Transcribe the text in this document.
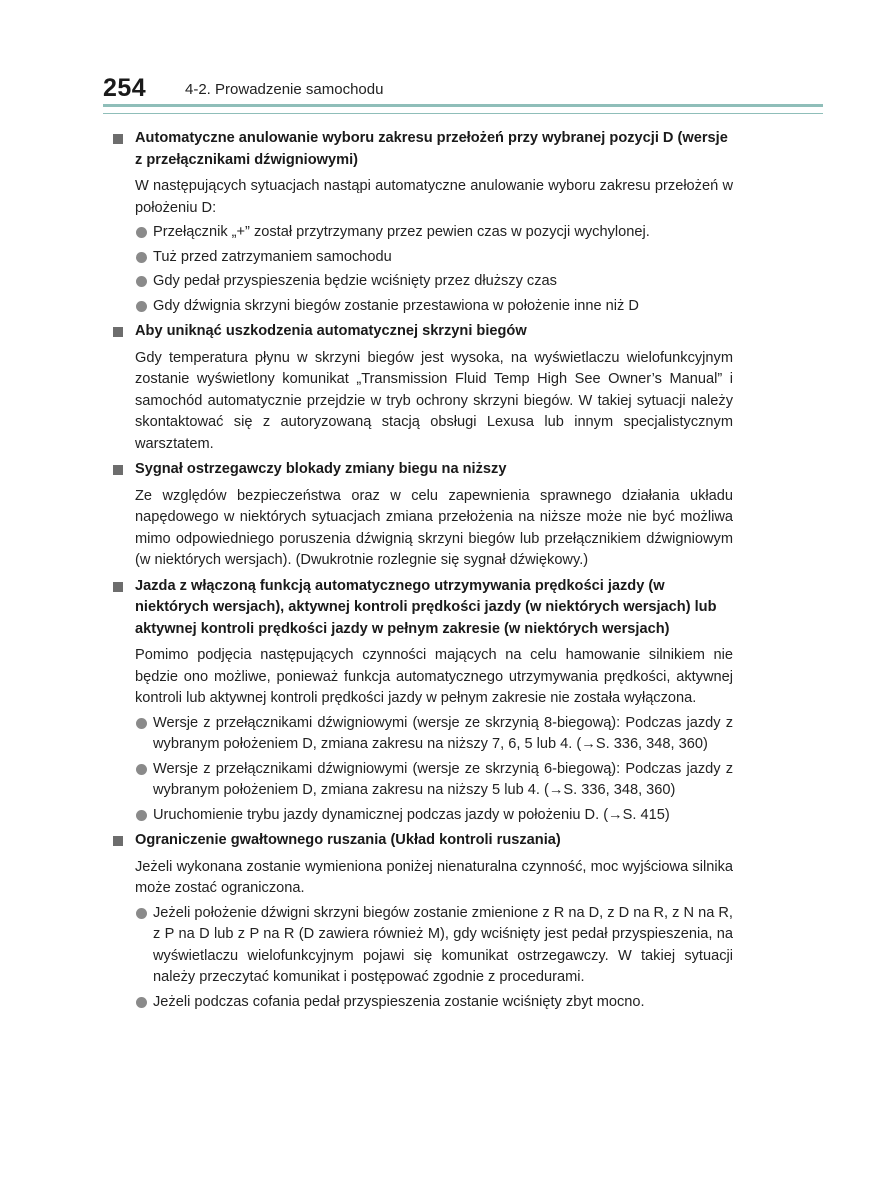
254	4-2. Prowadzenie samochodu

Automatyczne anulowanie wyboru zakresu przełożeń przy wybranej pozycji D (wersje z przełącznikami dźwigniowymi)

W następujących sytuacjach nastąpi automatyczne anulowanie wyboru zakresu przełożeń w położeniu D:

Przełącznik „+” został przytrzymany przez pewien czas w pozycji wychylonej.
Tuż przed zatrzymaniem samochodu
Gdy pedał przyspieszenia będzie wciśnięty przez dłuższy czas
Gdy dźwignia skrzyni biegów zostanie przestawiona w położenie inne niż D

Aby uniknąć uszkodzenia automatycznej skrzyni biegów

Gdy temperatura płynu w skrzyni biegów jest wysoka, na wyświetlaczu wielofunkcyjnym zostanie wyświetlony komunikat „Transmission Fluid Temp High See Owner’s Manual” i samochód automatycznie przejdzie w tryb ochrony skrzyni biegów. W takiej sytuacji należy skontaktować się z autoryzowaną stacją obsługi Lexusa lub innym specjalistycznym warsztatem.

Sygnał ostrzegawczy blokady zmiany biegu na niższy

Ze względów bezpieczeństwa oraz w celu zapewnienia sprawnego działania układu napędowego w niektórych sytuacjach zmiana przełożenia na niższe może nie być możliwa mimo odpowiedniego poruszenia dźwignią skrzyni biegów lub przełącznikiem dźwigniowym (w niektórych wersjach). (Dwukrotnie rozlegnie się sygnał dźwiękowy.)

Jazda z włączoną funkcją automatycznego utrzymywania prędkości jazdy (w niektórych wersjach), aktywnej kontroli prędkości jazdy (w niektórych wersjach) lub aktywnej kontroli prędkości jazdy w pełnym zakresie (w niektórych wersjach)

Pomimo podjęcia następujących czynności mających na celu hamowanie silnikiem nie będzie ono możliwe, ponieważ funkcja automatycznego utrzymywania prędkości, aktywnej kontroli lub aktywnej kontroli prędkości jazdy w pełnym zakresie nie została wyłączona.

Wersje z przełącznikami dźwigniowymi (wersje ze skrzynią 8-biegową): Podczas jazdy z wybranym położeniem D, zmiana zakresu na niższy 7, 6, 5 lub 4. (→S. 336, 348, 360)
Wersje z przełącznikami dźwigniowymi (wersje ze skrzynią 6-biegową): Podczas jazdy z wybranym położeniem D, zmiana zakresu na niższy 5 lub 4. (→S. 336, 348, 360)
Uruchomienie trybu jazdy dynamicznej podczas jazdy w położeniu D. (→S. 415)

Ograniczenie gwałtownego ruszania (Układ kontroli ruszania)

Jeżeli wykonana zostanie wymieniona poniżej nienaturalna czynność, moc wyjściowa silnika może zostać ograniczona.

Jeżeli położenie dźwigni skrzyni biegów zostanie zmienione z R na D, z D na R, z N na R, z P na D lub z P na R (D zawiera również M), gdy wciśnięty jest pedał przyspieszenia, na wyświetlaczu wielofunkcyjnym pojawi się komunikat ostrzegawczy. W takiej sytuacji należy przeczytać komunikat i postępować zgodnie z procedurami.
Jeżeli podczas cofania pedał przyspieszenia zostanie wciśnięty zbyt mocno.
